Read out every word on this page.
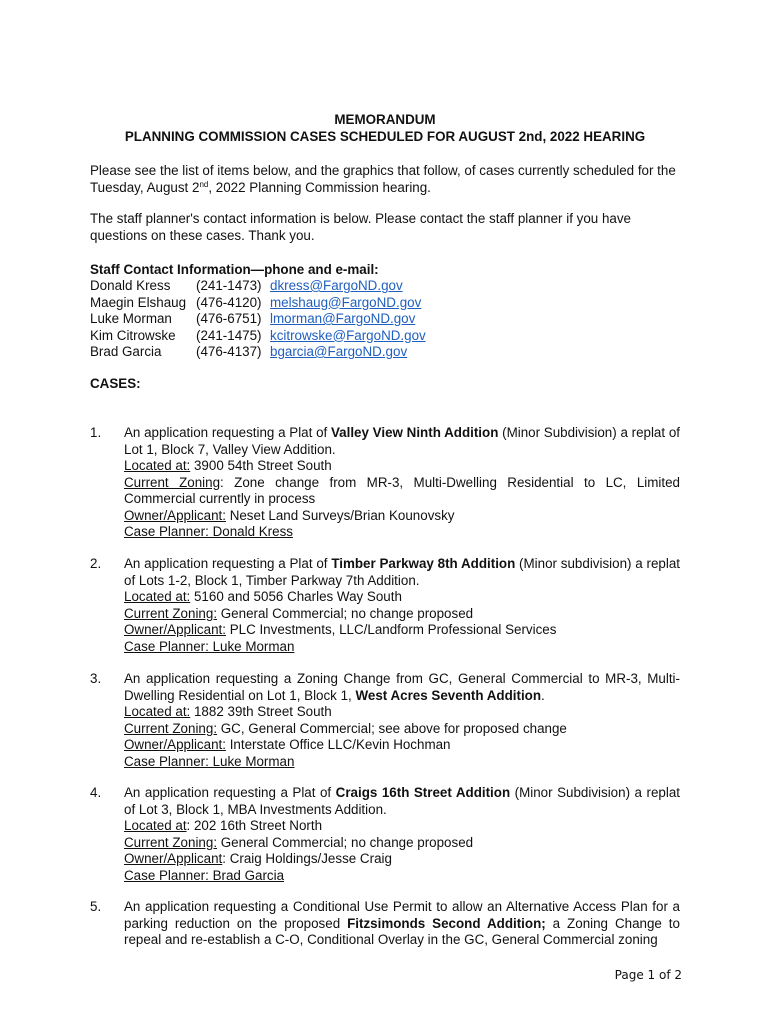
MEMORANDUM
PLANNING COMMISSION CASES SCHEDULED FOR AUGUST 2nd, 2022 HEARING
Please see the list of items below, and the graphics that follow, of cases currently scheduled for the Tuesday, August 2nd, 2022 Planning Commission hearing.
The staff planner's contact information is below. Please contact the staff planner if you have questions on these cases. Thank you.
Staff Contact Information—phone and e-mail:
Donald Kress (241-1473) dkress@FargoND.gov
Maegin Elshaug (476-4120) melshaug@FargoND.gov
Luke Morman (476-6751) lmorman@FargoND.gov
Kim Citrowske (241-1475) kcitrowske@FargoND.gov
Brad Garcia	(476-4137) bgarcia@FargoND.gov
CASES:
1. An application requesting a Plat of Valley View Ninth Addition (Minor Subdivision) a replat of Lot 1, Block 7, Valley View Addition.
Located at: 3900 54th Street South
Current Zoning: Zone change from MR-3, Multi-Dwelling Residential to LC, Limited Commercial currently in process
Owner/Applicant: Neset Land Surveys/Brian Kounovsky
Case Planner: Donald Kress
2. An application requesting a Plat of Timber Parkway 8th Addition (Minor subdivision) a replat of Lots 1-2, Block 1, Timber Parkway 7th Addition.
Located at: 5160 and 5056 Charles Way South
Current Zoning: General Commercial; no change proposed
Owner/Applicant: PLC Investments, LLC/Landform Professional Services
Case Planner: Luke Morman
3. An application requesting a Zoning Change from GC, General Commercial to MR-3, Multi-Dwelling Residential on Lot 1, Block 1, West Acres Seventh Addition.
Located at: 1882 39th Street South
Current Zoning: GC, General Commercial; see above for proposed change
Owner/Applicant: Interstate Office LLC/Kevin Hochman
Case Planner: Luke Morman
4. An application requesting a Plat of Craigs 16th Street Addition (Minor Subdivision) a replat of Lot 3, Block 1, MBA Investments Addition.
Located at: 202 16th Street North
Current Zoning: General Commercial; no change proposed
Owner/Applicant: Craig Holdings/Jesse Craig
Case Planner: Brad Garcia
5. An application requesting a Conditional Use Permit to allow an Alternative Access Plan for a parking reduction on the proposed Fitzsimonds Second Addition; a Zoning Change to repeal and re-establish a C-O, Conditional Overlay in the GC, General Commercial zoning
Page 1 of 2
